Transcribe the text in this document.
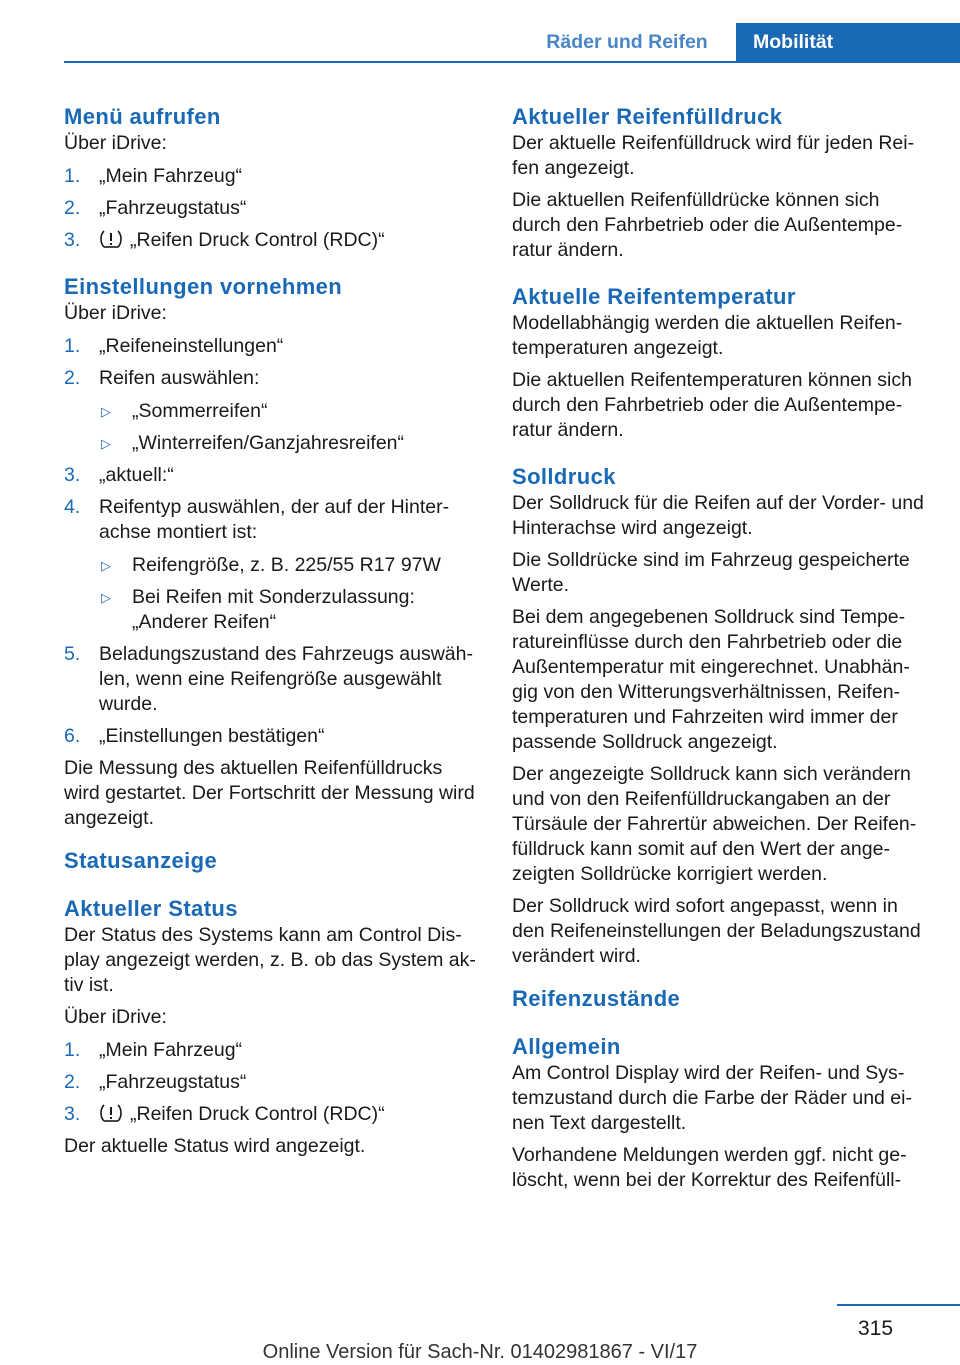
Räder und Reifen	Mobilität
Menü aufrufen

Über iDrive:

1. „Mein Fahrzeug“
2. „Fahrzeugstatus“
3.	„Reifen Druck Control (RDC)“
Einstellungen vornehmen

Über iDrive:

1. „Reifeneinstellungen“
2. Reifen auswählen:
▷ „Sommerreifen“
▷ „Winterreifen/Ganzjahresreifen“
3. „aktuell:“
4. Reifentyp auswählen, der auf der Hinterachse montiert ist:
▷ Reifengröße, z. B. 225/55 R17 97W
▷ Bei Reifen mit Sonderzulassung: „Anderer Reifen“
5. Beladungszustand des Fahrzeugs auswählen, wenn eine Reifengröße ausgewählt wurde.
6. „Einstellungen bestätigen“

Die Messung des aktuellen Reifenfülldrucks wird gestartet. Der Fortschritt der Messung wird angezeigt.

Statusanzeige
Aktueller Status

Der Status des Systems kann am Control Display angezeigt werden, z. B. ob das System aktiv ist.

Über iDrive:

1. „Mein Fahrzeug“
2. „Fahrzeugstatus“
3.	„Reifen Druck Control (RDC)“

Der aktuelle Status wird angezeigt.

Aktueller Reifenfülldruck

Der aktuelle Reifenfülldruck wird für jeden Reifen angezeigt.

Die aktuellen Reifenfülldrücke können sich durch den Fahrbetrieb oder die Außentemperatur ändern.

Aktuelle Reifentemperatur

Modellabhängig werden die aktuellen Reifentemperaturen angezeigt.

Die aktuellen Reifentemperaturen können sich durch den Fahrbetrieb oder die Außentemperatur ändern.

Solldruck

Der Solldruck für die Reifen auf der Vorder- und Hinterachse wird angezeigt.

Die Solldrücke sind im Fahrzeug gespeicherte Werte.

Bei dem angegebenen Solldruck sind Temperatureinflüsse durch den Fahrbetrieb oder die Außentemperatur mit eingerechnet. Unabhängig von den Witterungsverhältnissen, Reifentemperaturen und Fahrzeiten wird immer der passende Solldruck angezeigt.

Der angezeigte Solldruck kann sich verändern und von den Reifenfülldruckangaben an der Türsäule der Fahrertür abweichen. Der Reifenfülldruck kann somit auf den Wert der angezeigten Solldrücke korrigiert werden.

Der Solldruck wird sofort angepasst, wenn in den Reifeneinstellungen der Beladungszustand verändert wird.

Reifenzustände
Allgemein

Am Control Display wird der Reifen- und Systemzustand durch die Farbe der Räder und einen Text dargestellt.

Vorhandene Meldungen werden ggf. nicht gelöscht, wenn bei der Korrektur des Reifenfüll-

315
Online Version für Sach-Nr. 01402981867 - VI/17
